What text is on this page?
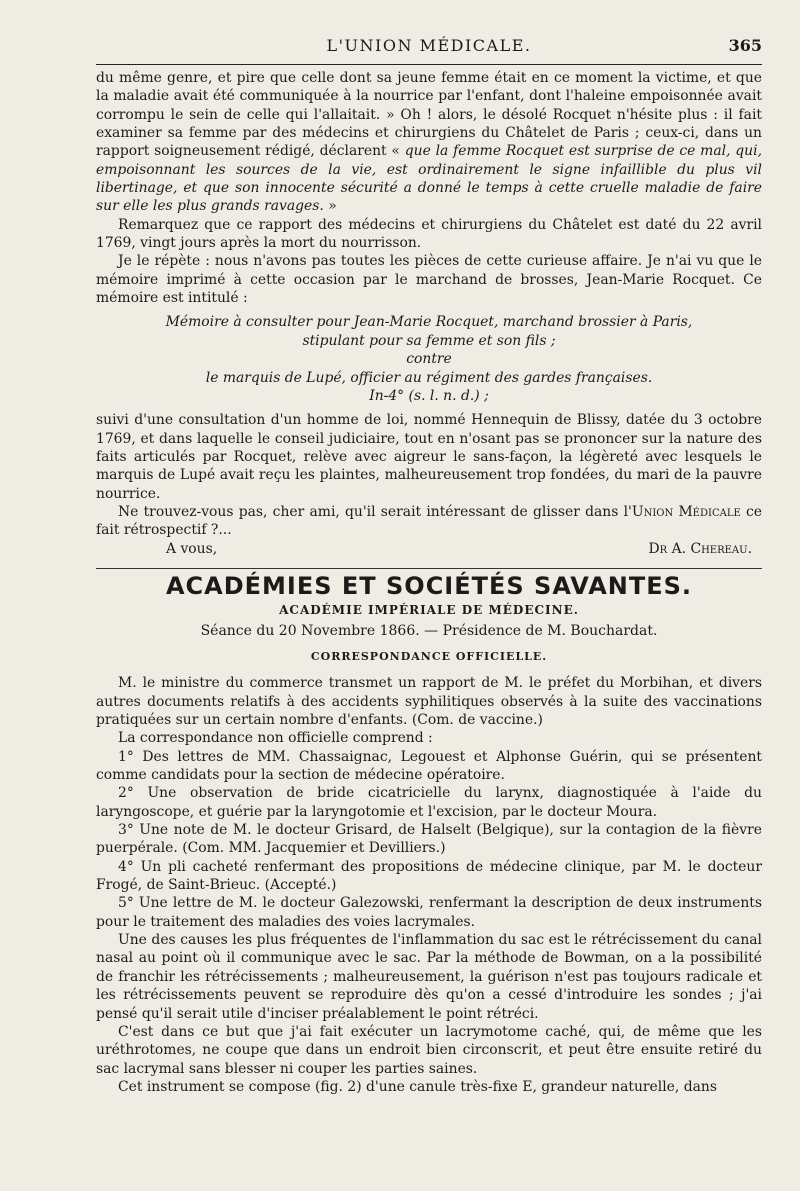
L'UNION MÉDICALE.	365

du même genre, et pire que celle dont sa jeune femme était en ce moment la victime, et que la maladie avait été communiquée à la nourrice par l'enfant, dont l'haleine empoisonnée avait corrompu le sein de celle qui l'allaitait. » Oh ! alors, le désolé Rocquet n'hésite plus : il fait examiner sa femme par des médecins et chirurgiens du Châtelet de Paris ; ceux-ci, dans un rapport soigneusement rédigé, déclarent « que la femme Rocquet est surprise de ce mal, qui, empoisonnant les sources de la vie, est ordinairement le signe infaillible du plus vil libertinage, et que son innocente sécurité a donné le temps à cette cruelle maladie de faire sur elle les plus grands ravages. »

Remarquez que ce rapport des médecins et chirurgiens du Châtelet est daté du 22 avril 1769, vingt jours après la mort du nourrisson.

Je le répète : nous n'avons pas toutes les pièces de cette curieuse affaire. Je n'ai vu que le mémoire imprimé à cette occasion par le marchand de brosses, Jean-Marie Rocquet. Ce mémoire est intitulé :

Mémoire à consulter pour Jean-Marie Rocquet, marchand brossier à Paris,

stipulant pour sa femme et son fils ;

contre

le marquis de Lupé, officier au régiment des gardes françaises.

In-4° (s. l. n. d.) ;

suivi d'une consultation d'un homme de loi, nommé Hennequin de Blissy, datée du 3 octobre 1769, et dans laquelle le conseil judiciaire, tout en n'osant pas se prononcer sur la nature des faits articulés par Rocquet, relève avec aigreur le sans-façon, la légèreté avec lesquels le marquis de Lupé avait reçu les plaintes, malheureusement trop fondées, du mari de la pauvre nourrice.

Ne trouvez-vous pas, cher ami, qu'il serait intéressant de glisser dans l'Union Médicale ce fait rétrospectif ?...

A vous,	Dr A. Chereau.
ACADÉMIES ET SOCIÉTÉS SAVANTES.
ACADÉMIE IMPÉRIALE DE MÉDECINE.
Séance du 20 Novembre 1866. — Présidence de M. Bouchardat.
CORRESPONDANCE OFFICIELLE.

M. le ministre du commerce transmet un rapport de M. le préfet du Morbihan, et divers autres documents relatifs à des accidents syphilitiques observés à la suite des vaccinations pratiquées sur un certain nombre d'enfants. (Com. de vaccine.)

La correspondance non officielle comprend :

1° Des lettres de MM. Chassaignac, Legouest et Alphonse Guérin, qui se présentent comme candidats pour la section de médecine opératoire.

2° Une observation de bride cicatricielle du larynx, diagnostiquée à l'aide du laryngoscope, et guérie par la laryngotomie et l'excision, par le docteur Moura.

3° Une note de M. le docteur Grisard, de Halselt (Belgique), sur la contagion de la fièvre puerpérale. (Com. MM. Jacquemier et Devilliers.)

4° Un pli cacheté renfermant des propositions de médecine clinique, par M. le docteur Frogé, de Saint-Brieuc. (Accepté.)

5° Une lettre de M. le docteur Galezowski, renfermant la description de deux instruments pour le traitement des maladies des voies lacrymales.

Une des causes les plus fréquentes de l'inflammation du sac est le rétrécissement du canal nasal au point où il communique avec le sac. Par la méthode de Bowman, on a la possibilité de franchir les rétrécissements ; malheureusement, la guérison n'est pas toujours radicale et les rétrécissements peuvent se reproduire dès qu'on a cessé d'introduire les sondes ; j'ai pensé qu'il serait utile d'inciser préalablement le point rétréci.

C'est dans ce but que j'ai fait exécuter un lacrymotome caché, qui, de même que les uréthrotomes, ne coupe que dans un endroit bien circonscrit, et peut être ensuite retiré du sac lacrymal sans blesser ni couper les parties saines.

Cet instrument se compose (fig. 2) d'une canule très-fixe E, grandeur naturelle, dans
